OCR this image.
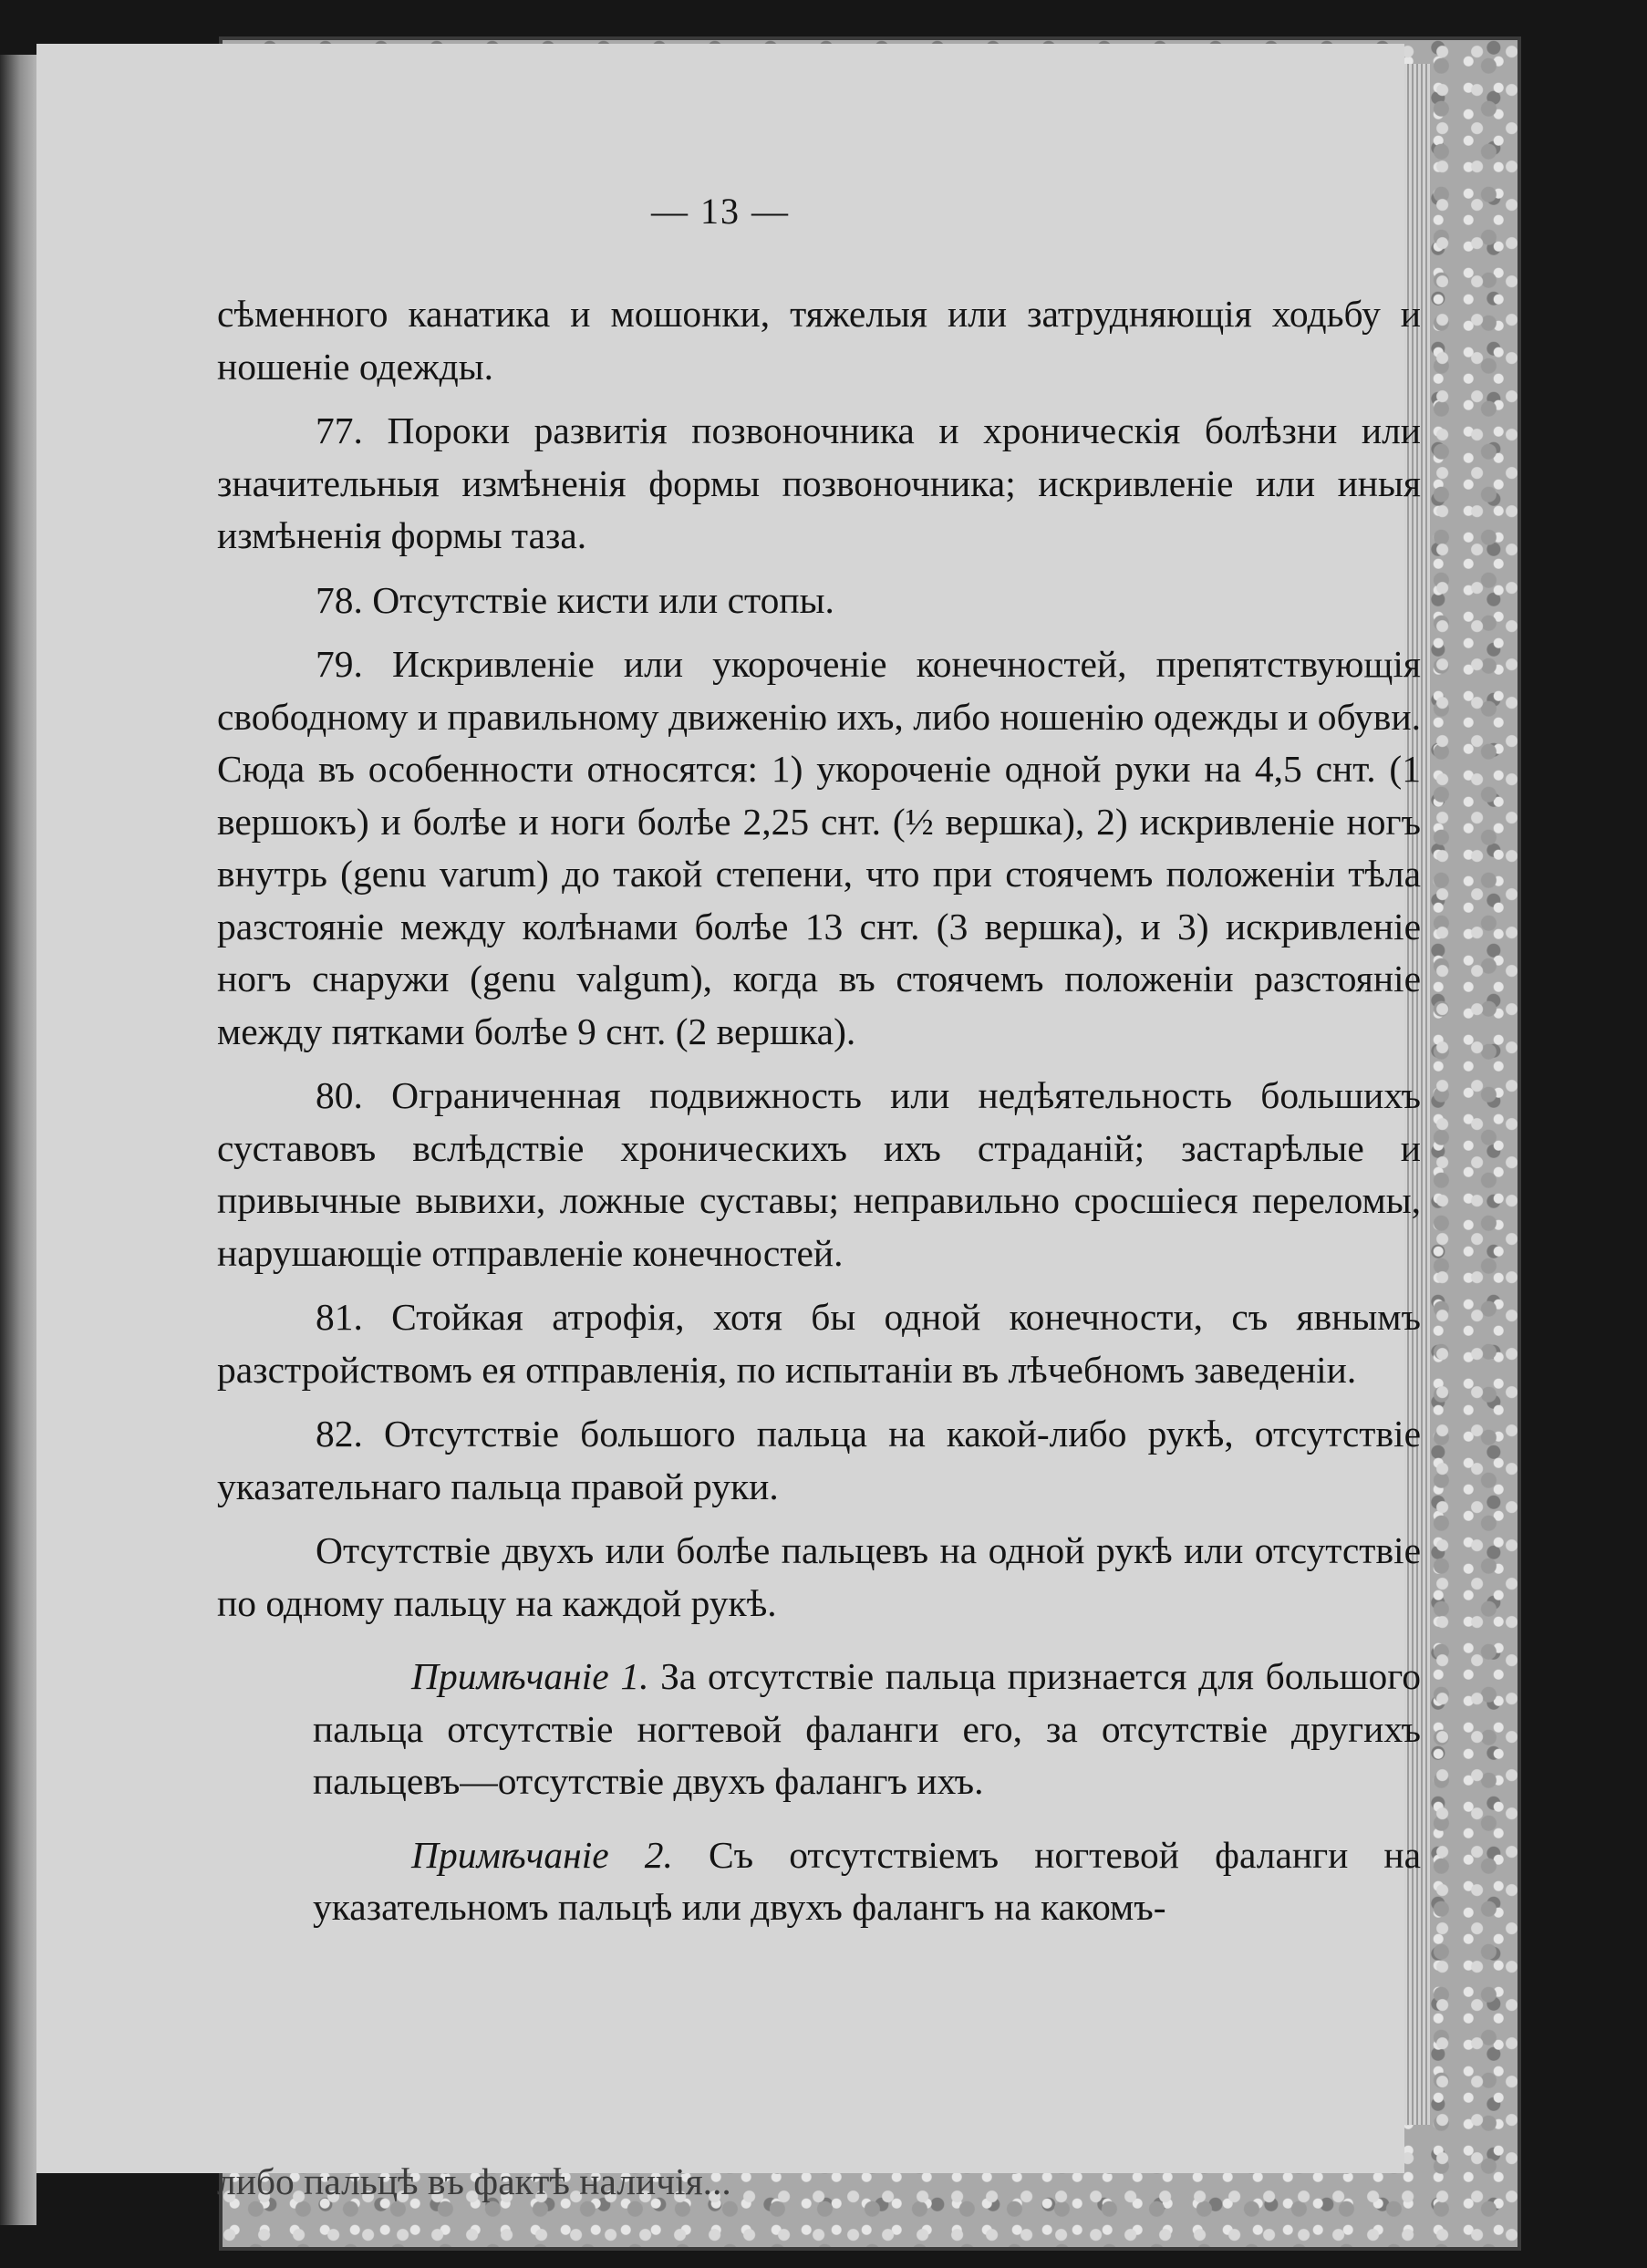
— 13 —

сѣменного канатика и мошонки, тяжелыя или затрудняющія ходьбу и ношеніе одежды.

77. Пороки развитія позвоночника и хроническія болѣзни или значительныя измѣненія формы позвоночника; искривленіе или иныя измѣненія формы таза.

78. Отсутствіе кисти или стопы.

79. Искривленіе или укороченіе конечностей, препятствующія свободному и правильному движенію ихъ, либо ношенію одежды и обуви. Сюда въ особенности относятся: 1) укороченіе одной руки на 4,5 снт. (1 вершокъ) и болѣе и ноги болѣе 2,25 снт. (½ вершка), 2) искривленіе ногъ внутрь (genu varum) до такой степени, что при стоячемъ положеніи тѣла разстояніе между колѣнами болѣе 13 снт. (3 вершка), и 3) искривленіе ногъ снаружи (genu valgum), когда въ стоячемъ положеніи разстояніе между пятками болѣе 9 снт. (2 вершка).

80. Ограниченная подвижность или недѣятельность большихъ суставовъ вслѣдствіе хроническихъ ихъ страданій; застарѣлые и привычные вывихи, ложные суставы; неправильно сросшіеся переломы, нарушающіе отправленіе конечностей.

81. Стойкая атрофія, хотя бы одной конечности, съ явнымъ разстройствомъ ея отправленія, по испытаніи въ лѣчебномъ заведеніи.

82. Отсутствіе большого пальца на какой-либо рукѣ, отсутствіе указательнаго пальца правой руки.

Отсутствіе двухъ или болѣе пальцевъ на одной рукѣ или отсутствіе по одному пальцу на каждой рукѣ.

Примѣчаніе 1. За отсутствіе пальца признается для большого пальца отсутствіе ногтевой фаланги его, за отсутствіе другихъ пальцевъ—отсутствіе двухъ фалангъ ихъ.

Примѣчаніе 2. Съ отсутствіемъ ногтевой фаланги на указательномъ пальцѣ или двухъ фалангъ на какомъ-

либо пальцѣ въ фактѣ наличія...
